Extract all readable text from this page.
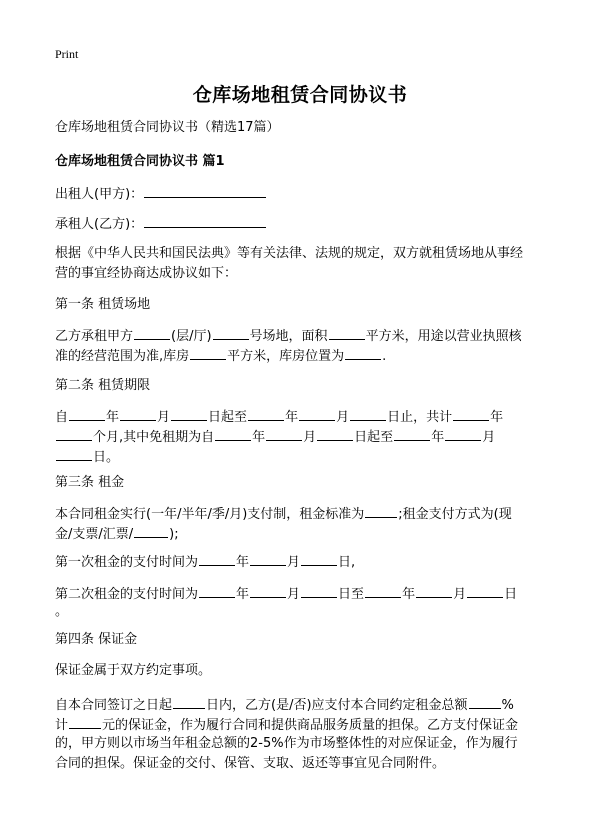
Print
仓库场地租赁合同协议书
仓库场地租赁合同协议书（精选17篇）
仓库场地租赁合同协议书 篇1
出租人(甲方)：
承租人(乙方)：
根据《中华人民共和国民法典》等有关法律、法规的规定，双方就租赁场地从事经
营的事宜经协商达成协议如下：
第一条 租赁场地
乙方承租甲方	(层/厅)	号场地，面积	平方米，用途以营业执照核
准的经营范围为准,库房	平方米，库房位置为	.
第二条 租赁期限
自	年	月	日起至	年	月	日止，共计	年
个月,其中免租期为自	年	月	日起至	年	月
日。
第三条 租金
本合同租金实行(一年/半年/季/月)支付制，租金标准为	;租金支付方式为(现
金/支票/汇票/	);
第一次租金的支付时间为	年	月	日,
第二次租金的支付时间为	年	月	日至	年	月	日
。
第四条 保证金
保证金属于双方约定事项。
自本合同签订之日起	日内，乙方(是/否)应支付本合同约定租金总额	%
计	元的保证金，作为履行合同和提供商品服务质量的担保。乙方支付保证金
的，甲方则以市场当年租金总额的2-5%作为市场整体性的对应保证金，作为履行
合同的担保。保证金的交付、保管、支取、返还等事宜见合同附件。
